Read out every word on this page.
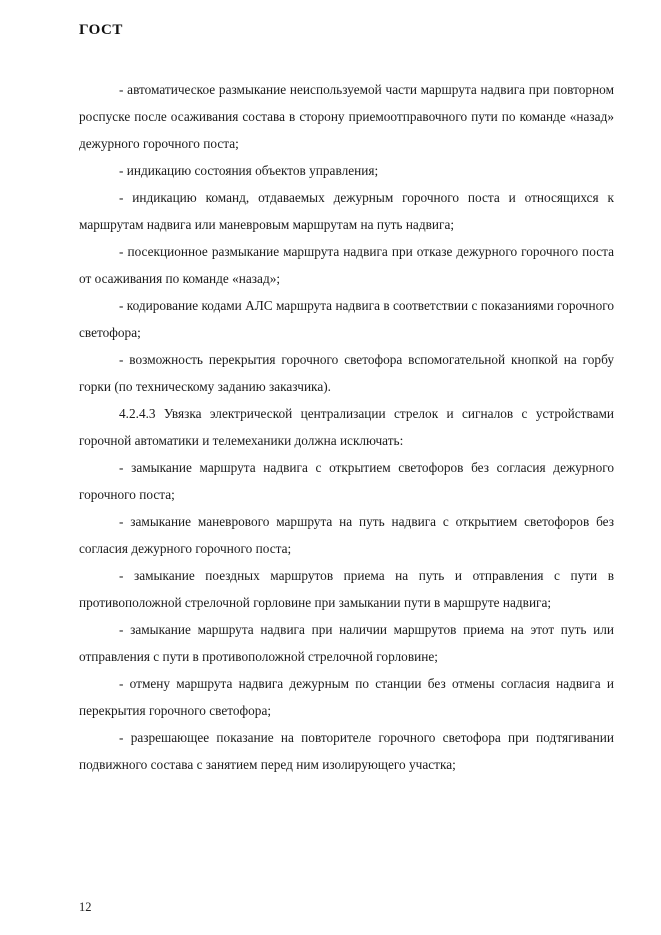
ГОСТ

- автоматическое размыкание неиспользуемой части маршрута надвига при повторном роспуске после осаживания состава в сторону приемоотправочного пути по команде «назад» дежурного горочного поста;

- индикацию состояния объектов управления;

- индикацию команд, отдаваемых дежурным горочного поста и относящихся к маршрутам надвига или маневровым маршрутам на путь надвига;

- посекционное размыкание маршрута надвига при отказе дежурного горочного поста от осаживания по команде «назад»;

- кодирование кодами АЛС маршрута надвига в соответствии с показаниями горочного светофора;

- возможность перекрытия горочного светофора вспомогательной кнопкой на горбу горки (по техническому заданию заказчика).

4.2.4.3 Увязка электрической централизации стрелок и сигналов с устройствами горочной автоматики и телемеханики должна исключать:

- замыкание маршрута надвига с открытием светофоров без согласия дежурного горочного поста;

- замыкание маневрового маршрута на путь надвига с открытием светофоров без согласия дежурного горочного поста;

- замыкание поездных маршрутов приема на путь и отправления с пути в противоположной стрелочной горловине при замыкании пути в маршруте надвига;

- замыкание маршрута надвига при наличии маршрутов приема на этот путь или отправления с пути в противоположной стрелочной горловине;

- отмену маршрута надвига дежурным по станции без отмены согласия надвига и перекрытия горочного светофора;

- разрешающее показание на повторителе горочного светофора при подтягивании подвижного состава с занятием перед ним изолирующего участка;

12
